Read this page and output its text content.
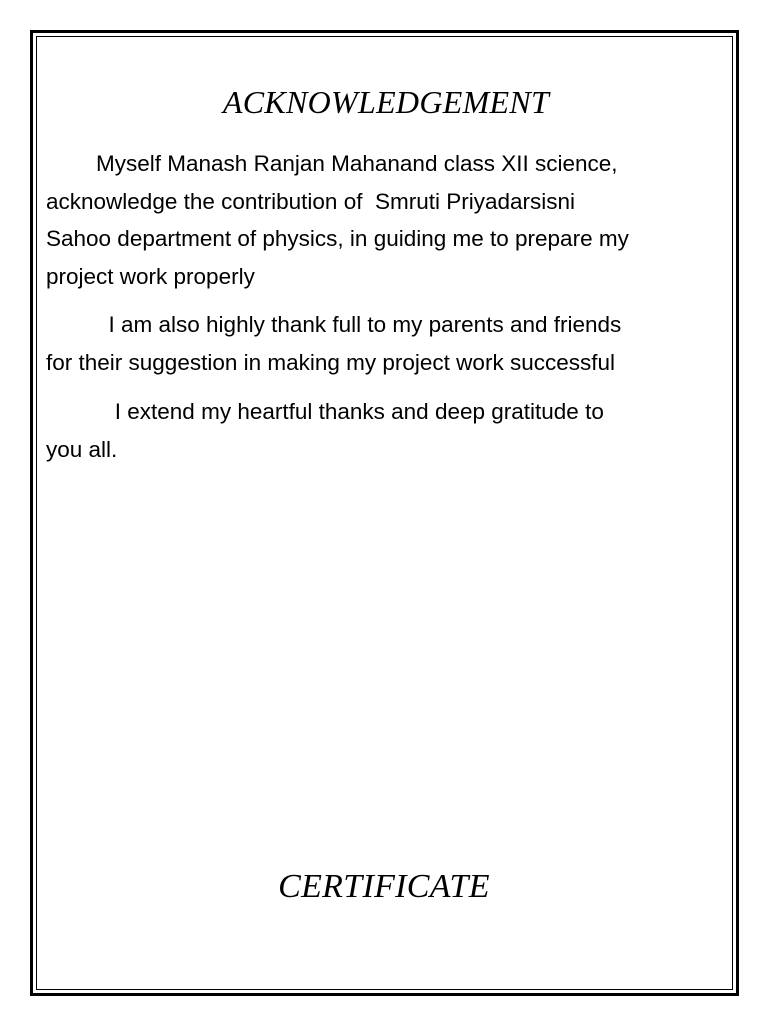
ACKNOWLEDGEMENT

Myself Manash Ranjan Mahanand class XII science,
acknowledge the contribution of  Smruti Priyadarsisni
Sahoo department of physics, in guiding me to prepare my
project work properly

I am also highly thank full to my parents and friends
for their suggestion in making my project work successful

I extend my heartful thanks and deep gratitude to
you all.

CERTIFICATE
